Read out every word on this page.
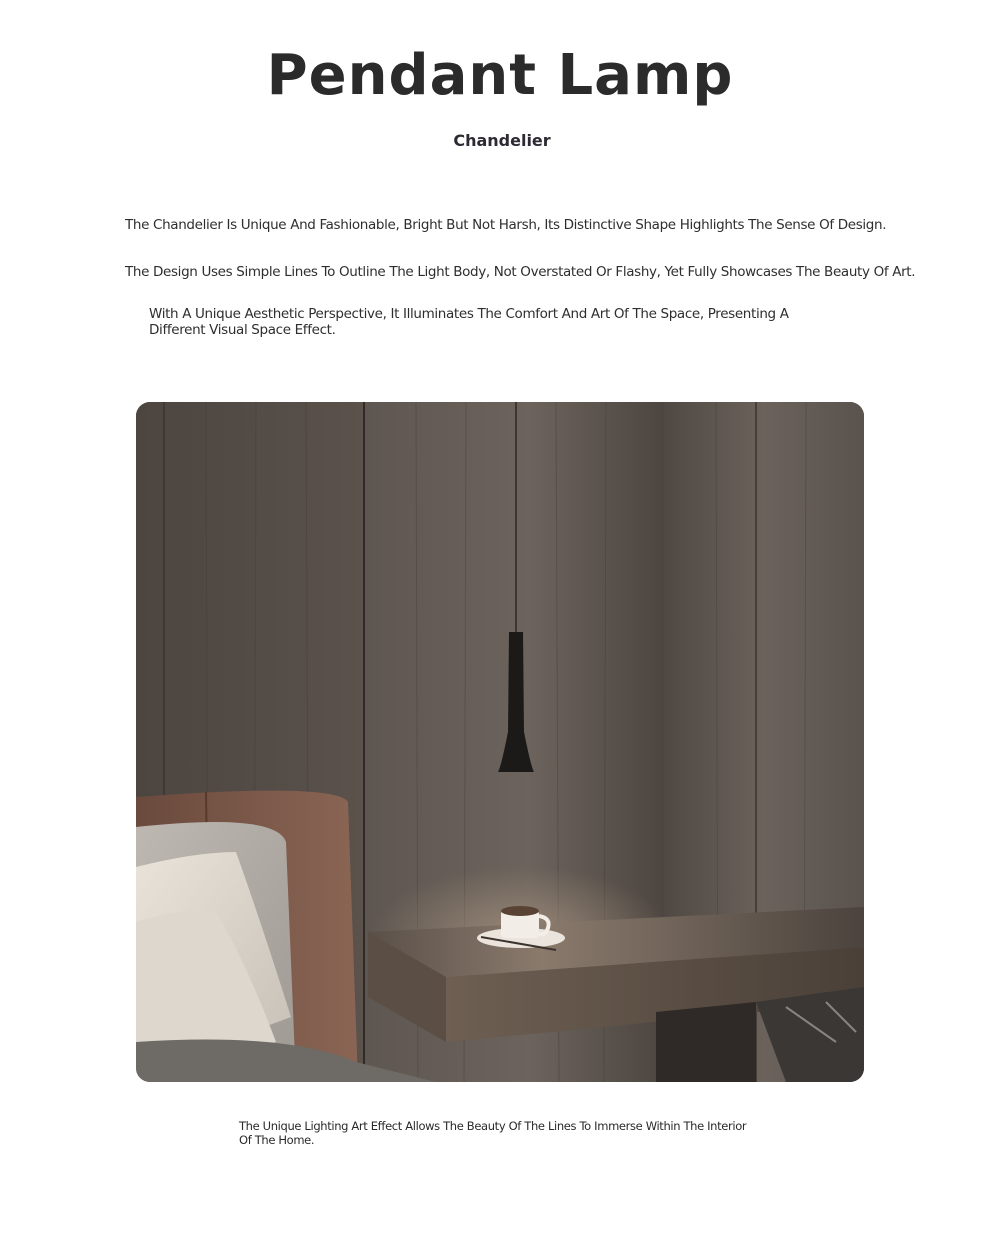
Pendant Lamp
Chandelier

The Chandelier Is Unique And Fashionable, Bright But Not Harsh, Its Distinctive Shape Highlights The Sense Of Design.

The Design Uses Simple Lines To Outline The Light Body, Not Overstated Or Flashy, Yet Fully Showcases The Beauty Of Art.

With A Unique Aesthetic Perspective, It Illuminates The Comfort And Art Of The Space, Presenting A Different Visual Space Effect.

The Unique Lighting Art Effect Allows The Beauty Of The Lines To Immerse Within The Interior Of The Home.
